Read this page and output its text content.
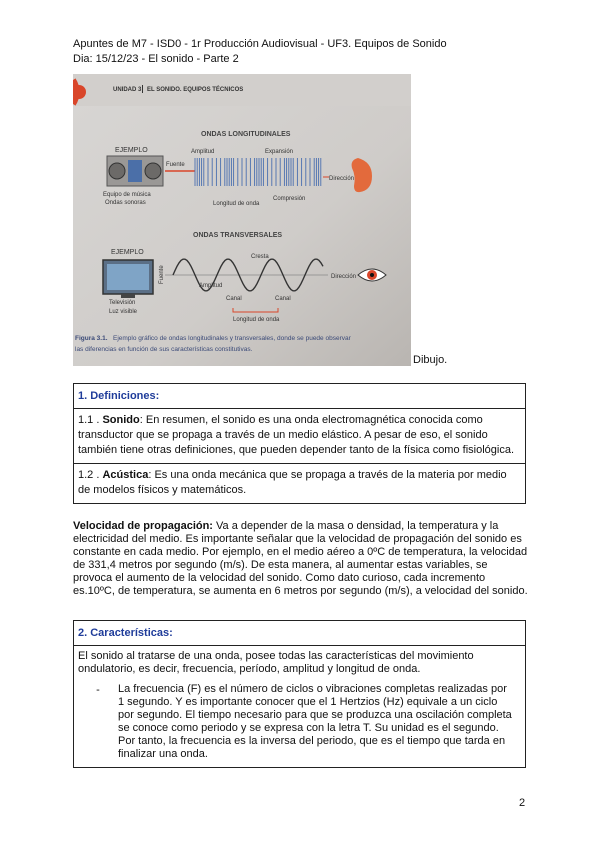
Apuntes de M7 - ISD0 - 1r Producción Audiovisual - UF3. Equipos de Sonido
Dia: 15/12/23 - El sonido - Parte 2
UNIDAD 3 EL SONIDO. EQUIPOS TÉCNICOS
ONDAS LONGITUDINALES
EJEMPLO
Equipo de música
Ondas sonoras
Fuente
Amplitud	Expansión
Dirección
Longitud de onda
Compresión
ONDAS TRANSVERSALES
EJEMPLO
Televisión
Luz visible
Fuente
Cresta
Amplitud
Canal	Canal
Longitud de onda
Dirección
Figura 3.1. Ejemplo gráfico de ondas longitudinales y transversales, donde se puede observar
las diferencias en función de sus características constitutivas.
Dibujo.
1. Definiciones:
1.1 . Sonido: En resumen, el sonido es una onda electromagnética conocida como transductor que se propaga a través de un medio elástico. A pesar de eso, el sonido también tiene otras definiciones, que pueden depender tanto de la física como fisiológica.
1.2 . Acústica: Es una onda mecánica que se propaga a través de la materia por medio de modelos físicos y matemáticos.
Velocidad de propagación: Va a depender de la masa o densidad, la temperatura y la electricidad del medio. Es importante señalar que la velocidad de propagación del sonido es constante en cada medio. Por ejemplo, en el medio aéreo a 0ºC de temperatura, la velocidad de 331,4 metros por segundo (m/s). De esta manera, al aumentar estas variables, se provoca el aumento de la velocidad del sonido. Como dato curioso, cada incremento es.10ºC, de temperatura, se aumenta en 6 metros por segundo (m/s), a velocidad del sonido.
2. Características:
El sonido al tratarse de una onda, posee todas las características del movimiento ondulatorio, es decir, frecuencia, período, amplitud y longitud de onda.
-	La frecuencia (F) es el número de ciclos o vibraciones completas realizadas por 1 segundo. Y es importante conocer que el 1 Hertzios (Hz) equivale a un ciclo por segundo. El tiempo necesario para que se produzca una oscilación completa se conoce como periodo y se expresa con la letra T. Su unidad es el segundo. Por tanto, la frecuencia es la inversa del periodo, que es el tiempo que tarda en finalizar una onda.
2
